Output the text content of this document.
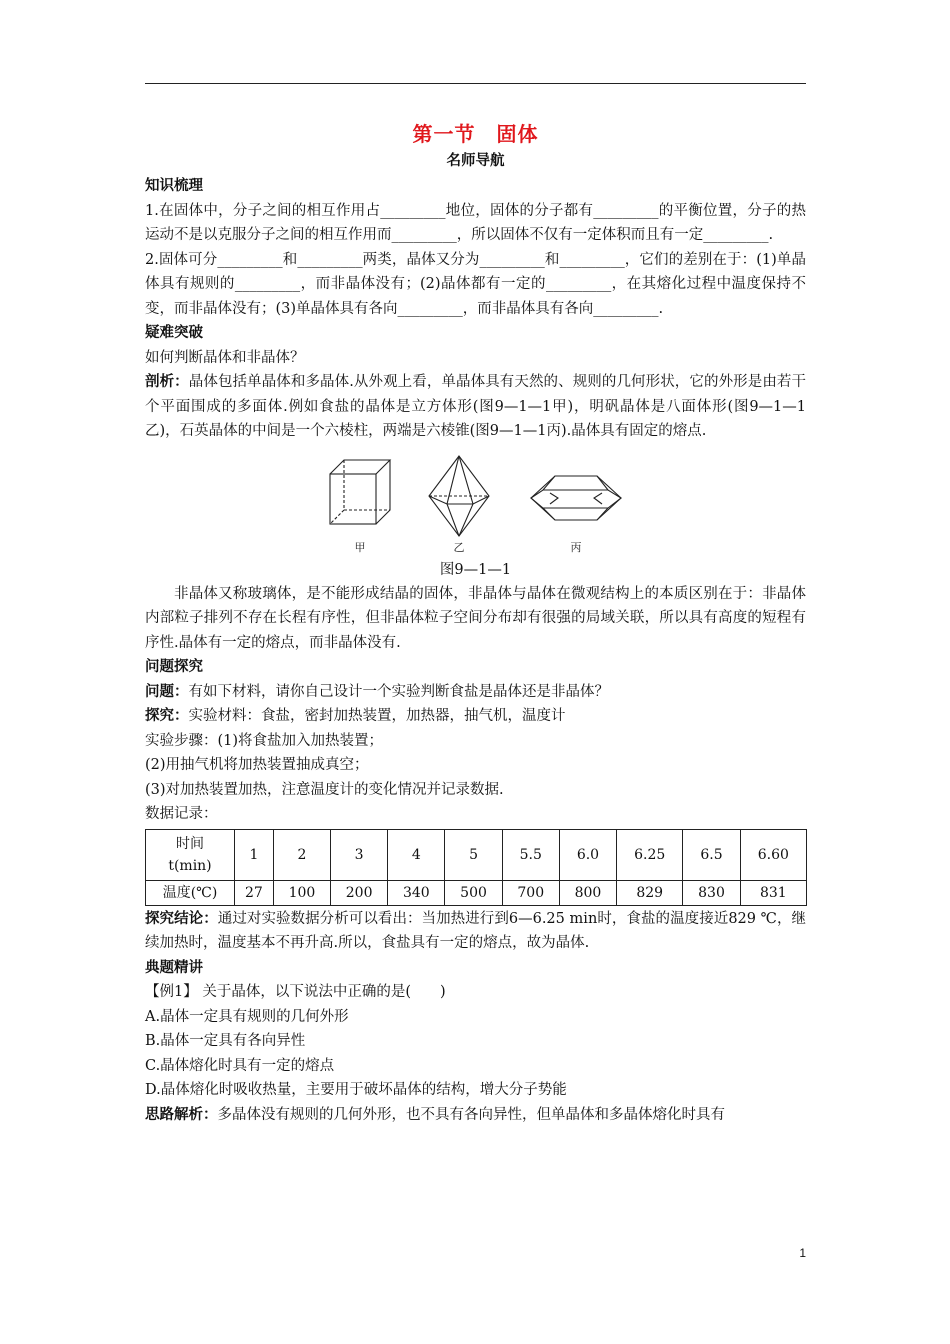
第一节　固体
名师导航
知识梳理

1.在固体中，分子之间的相互作用占_________地位，固体的分子都有_________的平衡位置，分子的热运动不是以克服分子之间的相互作用而_________，所以固体不仅有一定体积而且有一定_________.

2.固体可分_________和_________两类，晶体又分为_________和_________，它们的差别在于：(1)单晶体具有规则的_________，而非晶体没有；(2)晶体都有一定的_________，在其熔化过程中温度保持不变，而非晶体没有；(3)单晶体具有各向_________，而非晶体具有各向_________.

疑难突破

如何判断晶体和非晶体？

剖析：晶体包括单晶体和多晶体.从外观上看，单晶体具有天然的、规则的几何形状，它的外形是由若干个平面围成的多面体.例如食盐的晶体是立方体形(图9—1—1甲)，明矾晶体是八面体形(图9—1—1乙)，石英晶体的中间是一个六棱柱，两端是六棱锥(图9—1—1丙).晶体具有固定的熔点.

甲	乙	丙
图9—1—1

非晶体又称玻璃体，是不能形成结晶的固体，非晶体与晶体在微观结构上的本质区别在于：非晶体内部粒子排列不存在长程有序性，但非晶体粒子空间分布却有很强的局域关联，所以具有高度的短程有序性.晶体有一定的熔点，而非晶体没有.

问题探究

问题：有如下材料，请你自己设计一个实验判断食盐是晶体还是非晶体？

探究：实验材料：食盐，密封加热装置，加热器，抽气机，温度计

实验步骤：(1)将食盐加入加热装置；

(2)用抽气机将加热装置抽成真空；

(3)对加热装置加热，注意温度计的变化情况并记录数据.

数据记录：

时间
t(min)	1	2	3	4	5	5.5	6.0	6.25	6.5	6.60
温度(℃)	27	100	200	340	500	700	800	829	830	831

探究结论：通过对实验数据分析可以看出：当加热进行到6—6.25 min时，食盐的温度接近829 ℃，继续加热时，温度基本不再升高.所以，食盐具有一定的熔点，故为晶体.

典题精讲

【例1】 关于晶体，以下说法中正确的是(　　)

A.晶体一定具有规则的几何外形

B.晶体一定具有各向异性

C.晶体熔化时具有一定的熔点

D.晶体熔化时吸收热量，主要用于破坏晶体的结构，增大分子势能

思路解析：多晶体没有规则的几何外形，也不具有各向异性，但单晶体和多晶体熔化时具有

1
